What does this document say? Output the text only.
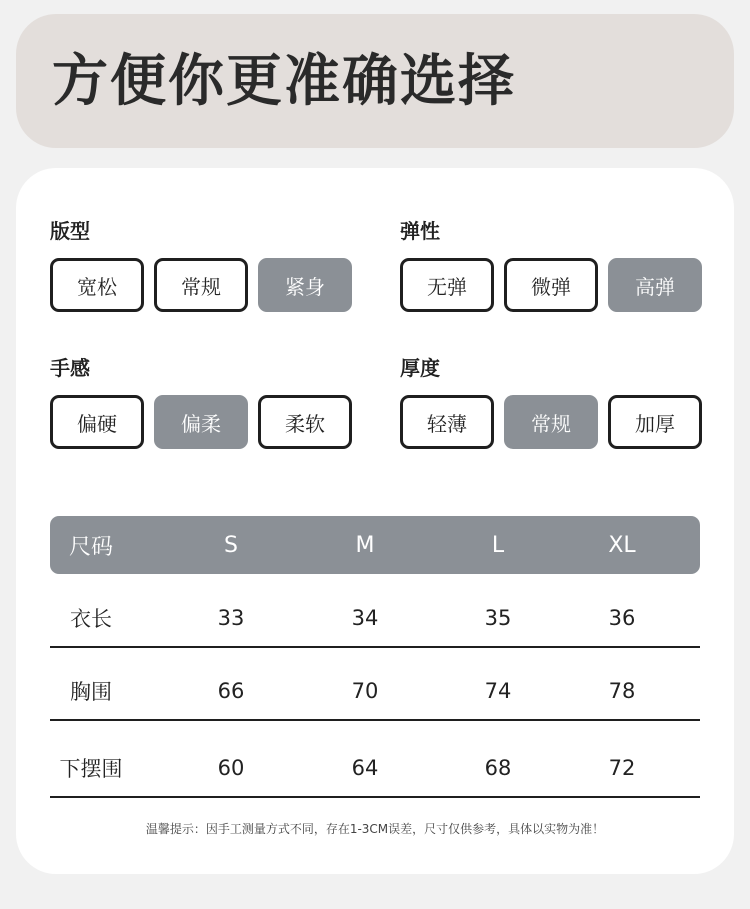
方便你更准确选择
版型
宽松	常规	紧身
弹性
无弹	微弹	高弹
手感
偏硬	偏柔	柔软
厚度
轻薄	常规	加厚
尺码	S	M	L	XL
衣长	33	34	35	36
胸围	66	70	74	78
下摆围	60	64	68	72
温馨提示：因手工测量方式不同，存在1-3CM误差，尺寸仅供参考，具体以实物为准！
